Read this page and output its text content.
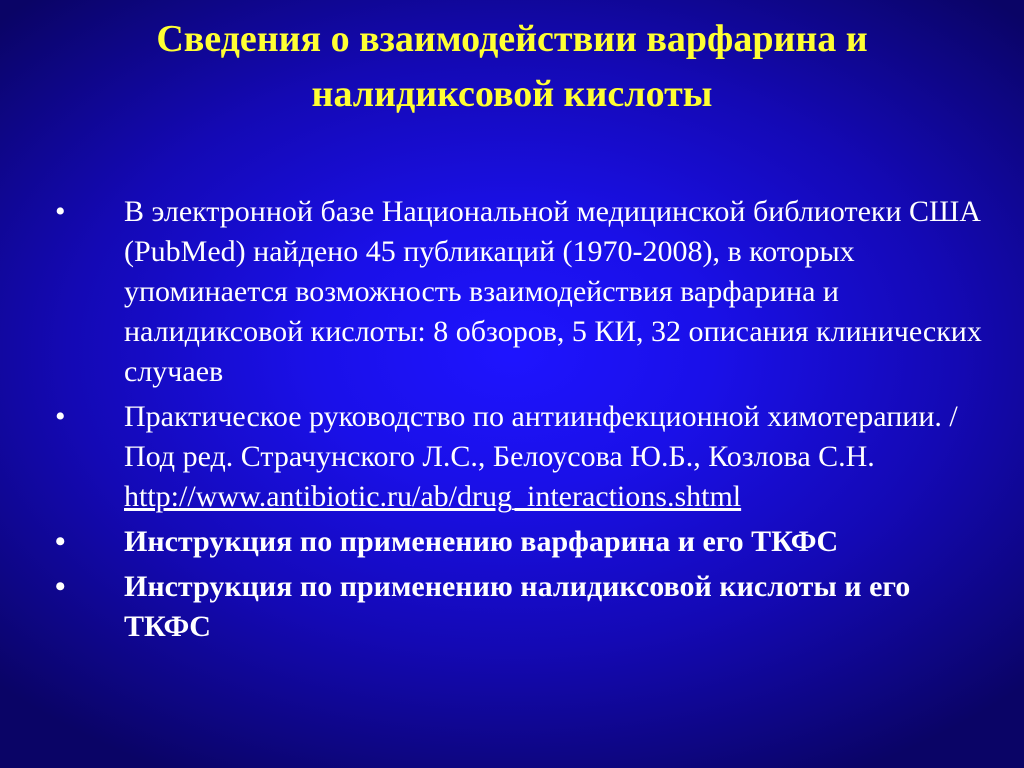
Сведения о взаимодействии варфарина и налидиксовой кислоты
•	В электронной базе Национальной медицинской библиотеки США (PubMed) найдено 45 публикаций (1970-2008), в которых упоминается возможность взаимодействия варфарина и налидиксовой кислоты: 8 обзоров, 5 КИ, 32 описания клинических случаев
•	Практическое руководство по антиинфекционной химотерапии. / Под ред. Страчунского Л.С., Белоусова Ю.Б., Козлова С.Н.
http://www.antibiotic.ru/ab/drug_interactions.shtml
•	Инструкция по применению варфарина и его ТКФС
•	Инструкция по применению налидиксовой кислоты и его ТКФС
